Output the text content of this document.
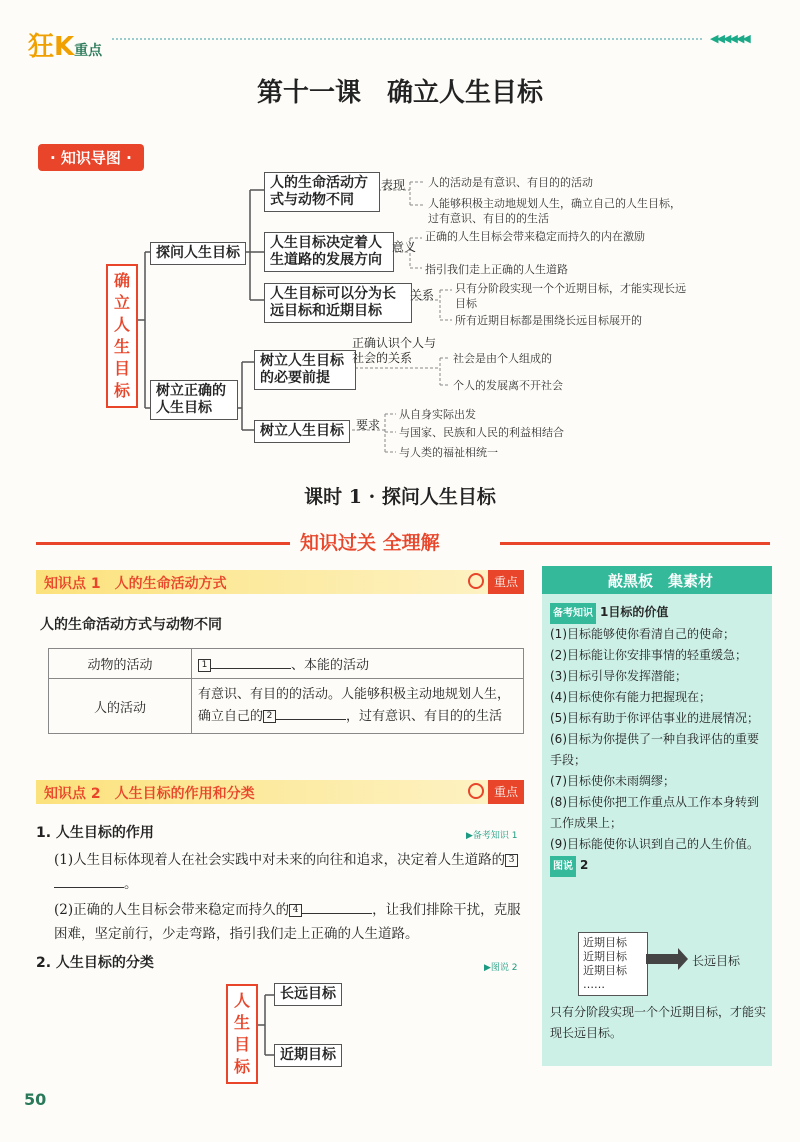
狂K重点
◀◀◀◀◀◀
第十一课　确立人生目标
· 知识导图 ·
确立人生目标
探问人生目标
树立正确的人生目标
人的生命活动方式与动物不同
人生目标决定着人生道路的发展方向
人生目标可以分为长远目标和近期目标
树立人生目标的必要前提
树立人生目标
表现
意义
关系
正确认识个人与社会的关系
要求
人的活动是有意识、有目的的活动
人能够积极主动地规划人生，确立自己的人生目标，过有意识、有目的的生活
正确的人生目标会带来稳定而持久的内在激励
指引我们走上正确的人生道路
只有分阶段实现一个个近期目标，才能实现长远目标
所有近期目标都是围绕长远目标展开的
社会是由个人组成的
个人的发展离不开社会
从自身实际出发
与国家、民族和人民的利益相结合
与人类的福祉相统一
课时 1 · 探问人生目标
知识过关 全理解
知识点 1　人的生命活动方式	重点
人的生命活动方式与动物不同
动物的活动	1 、本能的活动
人的活动	有意识、有目的的活动。人能够积极主动地规划人生，确立自己的 2 ，过有意识、有目的的生活
知识点 2　人生目标的作用和分类	重点
1. 人生目标的作用	▶备考知识 1
(1)人生目标体现着人在社会实践中对未来的向往和追求，决定着人生道路的 3。
(2)正确的人生目标会带来稳定而持久的 4	，让我们排除干扰，克服困难，坚定前行，少走弯路，指引我们走上正确的人生道路。
2. 人生目标的分类	▶图说 2
人生目标
长远目标
近期目标
敲黑板　集素材
备考知识 1目标的价值
(1)目标能够使你看清自己的使命；
(2)目标能让你安排事情的轻重缓急；
(3)目标引导你发挥潜能；
(4)目标使你有能力把握现在；
(5)目标有助于你评估事业的进展情况；
(6)目标为你提供了一种自我评估的重要手段；
(7)目标使你未雨绸缪；
(8)目标使你把工作重点从工作本身转到工作成果上；
(9)目标能使你认识到自己的人生价值。
图说 2
近期目标
近期目标
近期目标
……
长远目标
只有分阶段实现一个个近期目标，才能实现长远目标。
50
